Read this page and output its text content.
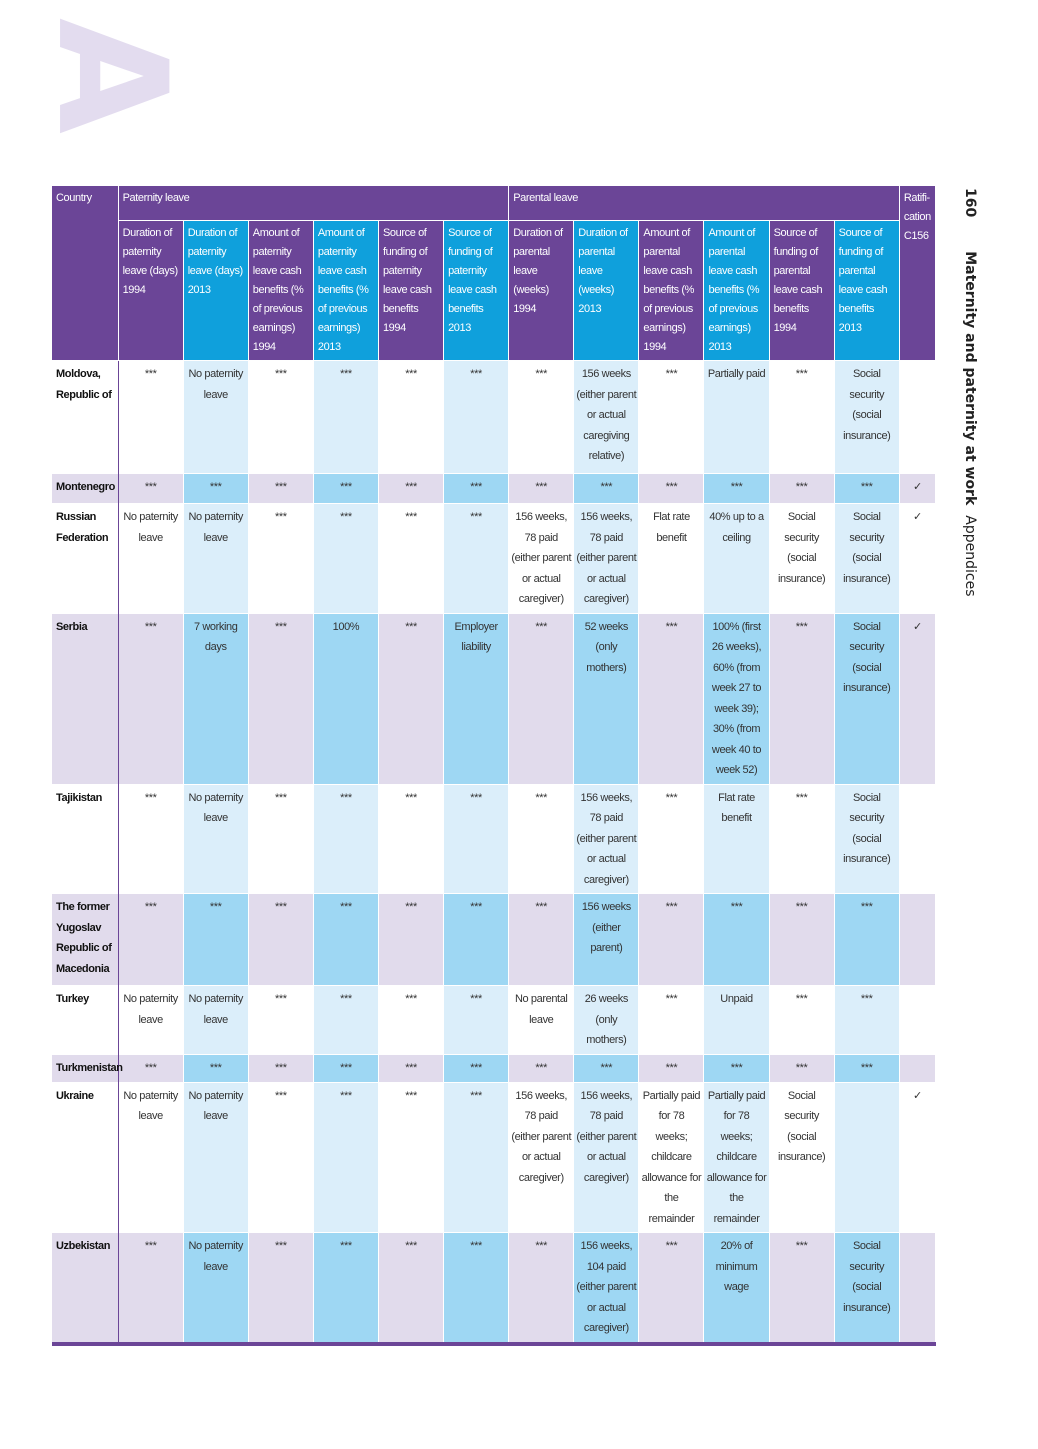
A
160Maternity and paternity at workAppendices
Country	Paternity leave						Parental leave						Ratifi-cation C156
	Duration of paternity leave (days) 1994	Duration of paternity leave (days) 2013	Amount of paternity leave cash benefits (% of previous earnings) 1994	Amount of paternity leave cash benefits (% of previous earnings) 2013	Source of funding of paternity leave cash benefits 1994	Source of funding of paternity leave cash benefits 2013	Duration of parental leave (weeks) 1994	Duration of parental leave (weeks) 2013	Amount of parental leave cash benefits (% of previous earnings) 1994	Amount of parental leave cash benefits (% of previous earnings) 2013	Source of funding of parental leave cash benefits 1994	Source of funding of parental leave cash benefits 2013	
Moldova, Republic of	***	No paternity leave	***	***	***	***	***	156 weeks (either parent or actual caregiving relative)	***	Partially paid	***	Social security (social insurance)	
Montenegro	***	***	***	***	***	***	***	***	***	***	***	***	✓
Russian Federation	No paternity leave	No paternity leave	***	***	***	***	156 weeks, 78 paid (either parent or actual caregiver)	156 weeks, 78 paid (either parent or actual caregiver)	Flat rate benefit	40% up to a ceiling	Social security (social insurance)	Social security (social insurance)	✓
Serbia	***	7 working days	***	100%	***	Employer liability	***	52 weeks (only mothers)	***	100% (first 26 weeks), 60% (from week 27 to week 39); 30% (from week 40 to week 52)	***	Social security (social insurance)	✓
Tajikistan	***	No paternity leave	***	***	***	***	***	156 weeks, 78 paid (either parent or actual caregiver)	***	Flat rate benefit	***	Social security (social insurance)	
The former Yugoslav Republic of Macedonia	***	***	***	***	***	***	***	156 weeks (either parent)	***	***	***	***	
Turkey	No paternity leave	No paternity leave	***	***	***	***	No parental leave	26 weeks (only mothers)	***	Unpaid	***	***	
Turkmenistan	***	***	***	***	***	***	***	***	***	***	***	***	
Ukraine	No paternity leave	No paternity leave	***	***	***	***	156 weeks, 78 paid (either parent or actual caregiver)	156 weeks, 78 paid (either parent or actual caregiver)	Partially paid for 78 weeks; childcare allowance for the remainder	Partially paid for 78 weeks; childcare allowance for the remainder	Social security (social insurance)		✓
Uzbekistan	***	No paternity leave	***	***	***	***	***	156 weeks, 104 paid (either parent or actual caregiver)	***	20% of minimum wage	***	Social security (social insurance)	
